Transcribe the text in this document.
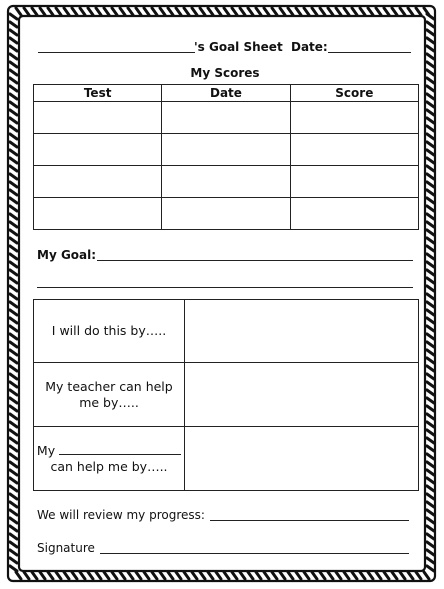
's Goal Sheet Date:
My Scores
Test	Date	Score

My Goal:
I will do this by…..	
My teacher can help
me by…..	
My
can help me by…..	
We will review my progress:
Signature
